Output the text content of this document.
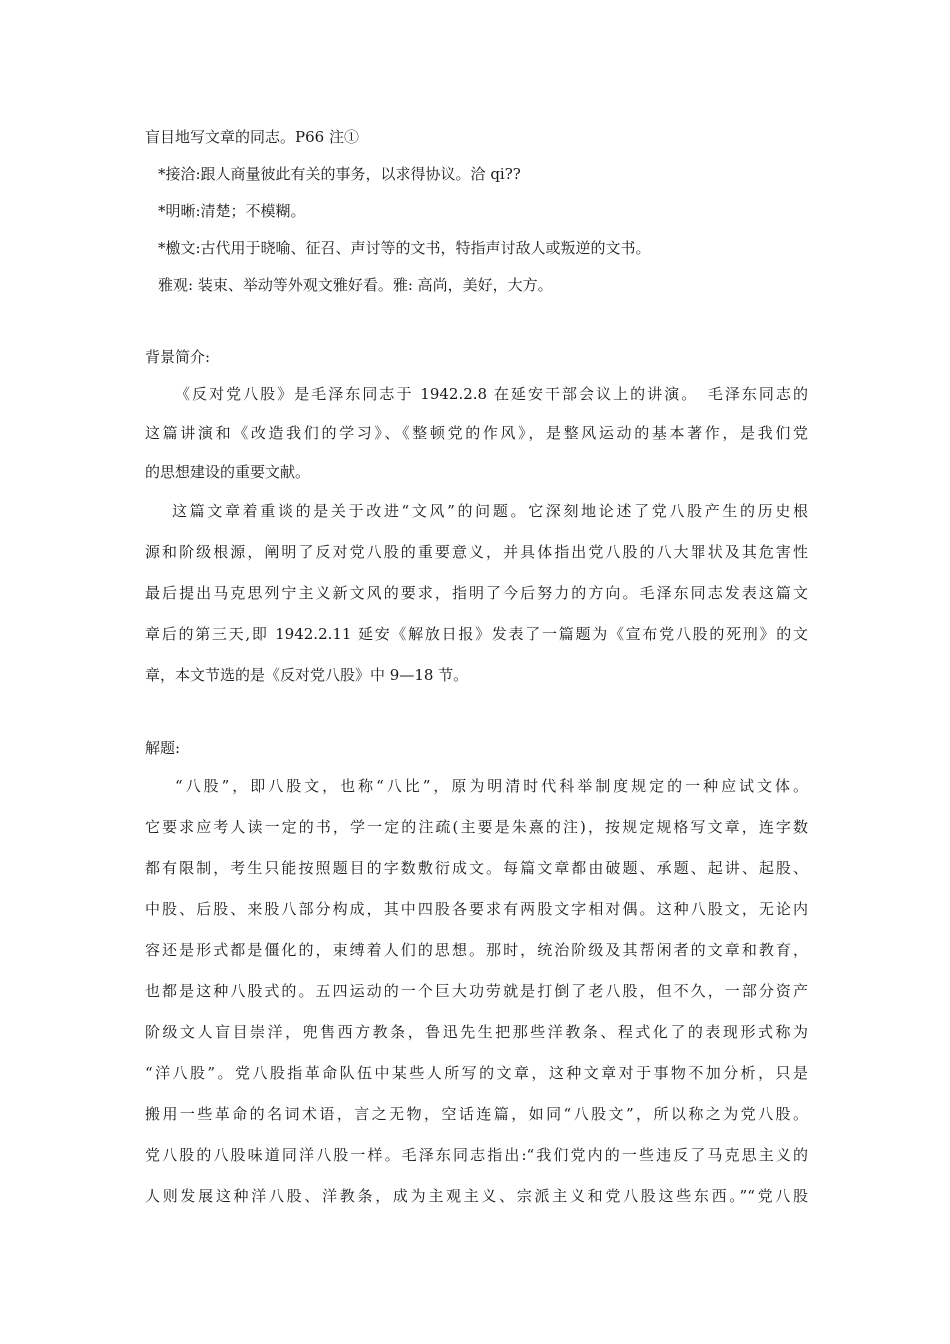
盲目地写文章的同志。P66 注①
*接洽:跟人商量彼此有关的事务，以求得协议。洽 qi??
*明晰:清楚；不模糊。
*檄文:古代用于晓喻、征召、声讨等的文书，特指声讨敌人或叛逆的文书。
雅观: 装束、举动等外观文雅好看。雅: 高尚，美好，大方。
背景简介:
《反对党八股》是毛泽东同志于 1942.2.8 在延安干部会议上的讲演。　毛泽东同志的
这篇讲演和《改造我们的学习》、《整顿党的作风》，是整风运动的基本著作，是我们党
的思想建设的重要文献。
这篇文章着重谈的是关于改进“文风”的问题。它深刻地论述了党八股产生的历史根
源和阶级根源，阐明了反对党八股的重要意义，并具体指出党八股的八大罪状及其危害性
最后提出马克思列宁主义新文风的要求，指明了今后努力的方向。毛泽东同志发表这篇文
章后的第三天,即 1942.2.11 延安《解放日报》发表了一篇题为《宣布党八股的死刑》的文
章，本文节选的是《反对党八股》中 9—18 节。
解题:
“八股”，即八股文，也称“八比”，原为明清时代科举制度规定的一种应试文体。
它要求应考人读一定的书，学一定的注疏(主要是朱熹的注)，按规定规格写文章，连字数
都有限制，考生只能按照题目的字数敷衍成文。每篇文章都由破题、承题、起讲、起股、
中股、后股、来股八部分构成，其中四股各要求有两股文字相对偶。这种八股文，无论内
容还是形式都是僵化的，束缚着人们的思想。那时，统治阶级及其帮闲者的文章和教育，
也都是这种八股式的。五四运动的一个巨大功劳就是打倒了老八股，但不久，一部分资产
阶级文人盲目崇洋，兜售西方教条，鲁迅先生把那些洋教条、程式化了的表现形式称为
“洋八股”。党八股指革命队伍中某些人所写的文章，这种文章对于事物不加分析，只是
搬用一些革命的名词术语，言之无物，空话连篇，如同“八股文”，所以称之为党八股。
党八股的八股味道同洋八股一样。毛泽东同志指出:“我们党内的一些违反了马克思主义的
人则发展这种洋八股、洋教条，成为主观主义、宗派主义和党八股这些东西。”“党八股
